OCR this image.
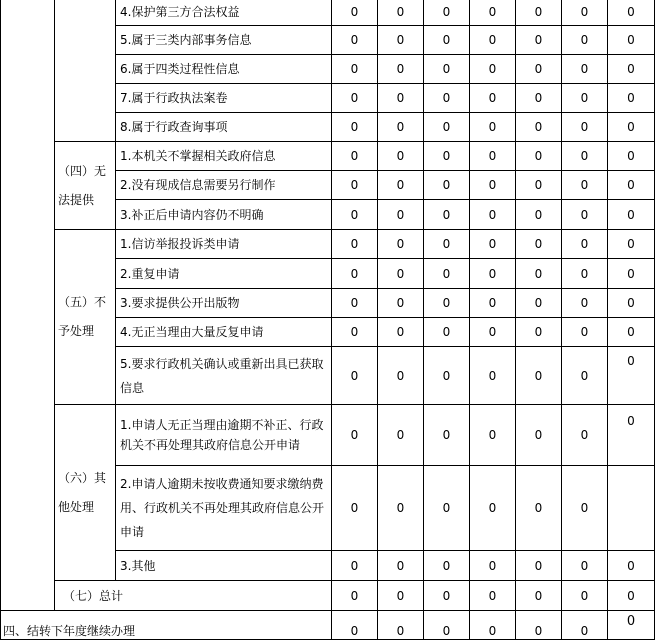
		4.保护第三方合法权益	0	0	0	0	0	0	0
		5.属于三类内部事务信息	0	0	0	0	0	0	0
		6.属于四类过程性信息	0	0	0	0	0	0	0
		7.属于行政执法案卷	0	0	0	0	0	0	0
		8.属于行政查询事项	0	0	0	0	0	0	0
	（四）无法提供	1.本机关不掌握相关政府信息	0	0	0	0	0	0	0
		2.没有现成信息需要另行制作	0	0	0	0	0	0	0
		3.补正后申请内容仍不明确	0	0	0	0	0	0	0
	（五）不予处理	1.信访举报投诉类申请	0	0	0	0	0	0	0
		2.重复申请	0	0	0	0	0	0	0
		3.要求提供公开出版物	0	0	0	0	0	0	0
		4.无正当理由大量反复申请	0	0	0	0	0	0	0
		5.要求行政机关确认或重新出具已获取信息	0	0	0	0	0	0	0
	（六）其他处理	1.申请人无正当理由逾期不补正、行政机关不再处理其政府信息公开申请	0	0	0	0	0	0	0
		2.申请人逾期未按收费通知要求缴纳费用、行政机关不再处理其政府信息公开申请	0	0	0	0	0	0	
		3.其他	0	0	0	0	0	0	0
	（七）总计		0	0	0	0	0	0	0
四、结转下年度继续办理			0	0	0	0	0	0	0
